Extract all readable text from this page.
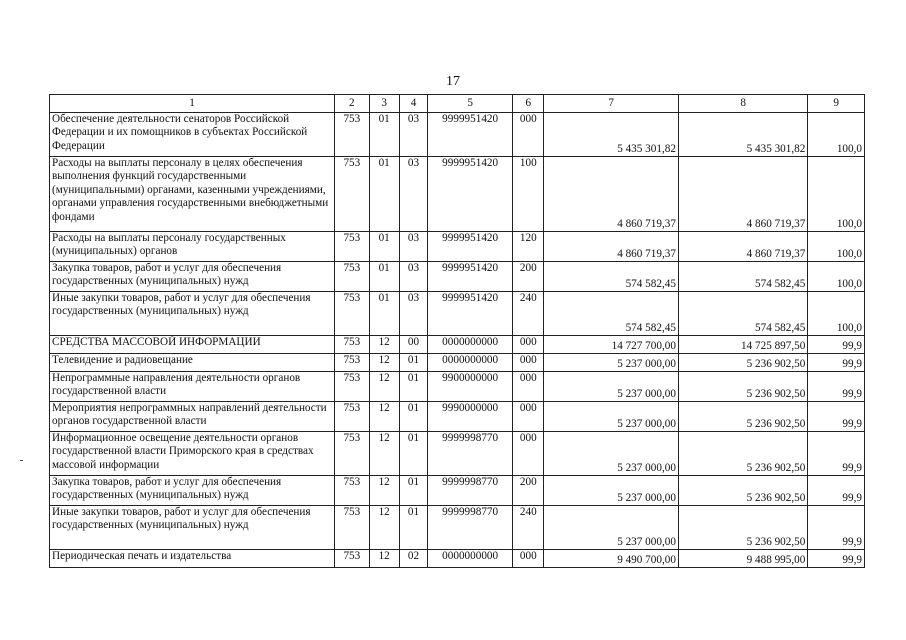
17
1	2	3	4	5	6	7	8	9
Обеспечение деятельности сенаторов Российской Федерации и их помощников в субъектах Российской Федерации	753	01	03	9999951420	000	5 435 301,82	5 435 301,82	100,0
Расходы на выплаты персоналу в целях обеспечения выполнения функций государственными (муниципальными) органами, казенными учреждениями, органами управления государственными внебюджетными фондами	753	01	03	9999951420	100	4 860 719,37	4 860 719,37	100,0
Расходы на выплаты персоналу государственных (муниципальных) органов	753	01	03	9999951420	120	4 860 719,37	4 860 719,37	100,0
Закупка товаров, работ и услуг для обеспечения государственных (муниципальных) нужд	753	01	03	9999951420	200	574 582,45	574 582,45	100,0
Иные закупки товаров, работ и услуг для обеспечения государственных (муниципальных) нужд	753	01	03	9999951420	240	574 582,45	574 582,45	100,0
СРЕДСТВА МАССОВОЙ ИНФОРМАЦИИ	753	12	00	0000000000	000	14 727 700,00	14 725 897,50	99,9
Телевидение и радиовещание	753	12	01	0000000000	000	5 237 000,00	5 236 902,50	99,9
Непрограммные направления деятельности органов государственной власти	753	12	01	9900000000	000	5 237 000,00	5 236 902,50	99,9
Мероприятия непрограммных направлений деятельности органов государственной власти	753	12	01	9990000000	000	5 237 000,00	5 236 902,50	99,9
Информационное освещение деятельности органов государственной власти Приморского края в средствах массовой информации	753	12	01	9999998770	000	5 237 000,00	5 236 902,50	99,9
Закупка товаров, работ и услуг для обеспечения государственных (муниципальных) нужд	753	12	01	9999998770	200	5 237 000,00	5 236 902,50	99,9
Иные закупки товаров, работ и услуг для обеспечения государственных (муниципальных) нужд	753	12	01	9999998770	240	5 237 000,00	5 236 902,50	99,9
Периодическая печать и издательства	753	12	02	0000000000	000	9 490 700,00	9 488 995,00	99,9
